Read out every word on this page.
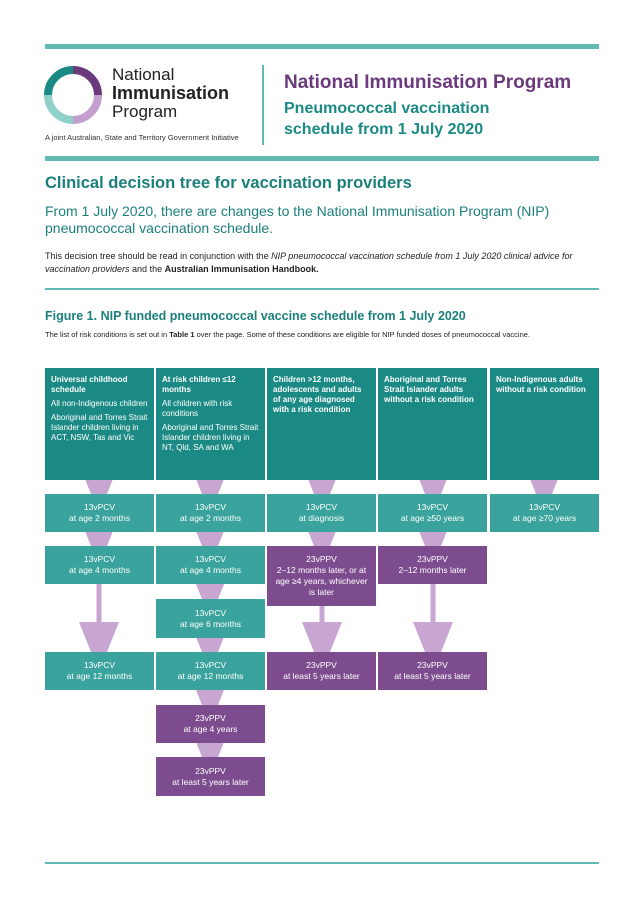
National
Immunisation
Program
A joint Australian, State and Territory Government Initiative
National Immunisation Program
Pneumococcal vaccination
schedule from 1 July 2020
Clinical decision tree for vaccination providers
From 1 July 2020, there are changes to the National Immunisation Program (NIP) pneumococcal vaccination schedule.
This decision tree should be read in conjunction with the NIP pneumococcal vaccination schedule from 1 July 2020 clinical advice for vaccination providers and the Australian Immunisation Handbook.
Figure 1. NIP funded pneumococcal vaccine schedule from 1 July 2020
The list of risk conditions is set out in Table 1 over the page. Some of these conditions are eligible for NIP funded doses of pneumococcal vaccine.
Universal childhood schedule
All non-Indigenous children
Aboriginal and Torres Strait Islander children living in ACT, NSW, Tas and Vic
At risk children ≤12 months
All children with risk conditions
Aboriginal and Torres Strait Islander children living in NT, Qld, SA and WA
Children >12 months, adolescents and adults of any age diagnosed with a risk condition
Aboriginal and Torres Strait Islander adults without a risk condition
Non-Indigenous adults without a risk condition
13vPCV
at age 2 months
13vPCV
at age 4 months
13vPCV
at age 12 months
13vPCV
at age 2 months
13vPCV
at age 4 months
13vPCV
at age 6 months
13vPCV
at age 12 months
23vPPV
at age 4 years
23vPPV
at least 5 years later
13vPCV
at diagnosis
23vPPV
2–12 months later, or at age ≥4 years, whichever is later
23vPPV
at least 5 years later
13vPCV
at age ≥50 years
23vPPV
2–12 months later
23vPPV
at least 5 years later
13vPCV
at age ≥70 years
